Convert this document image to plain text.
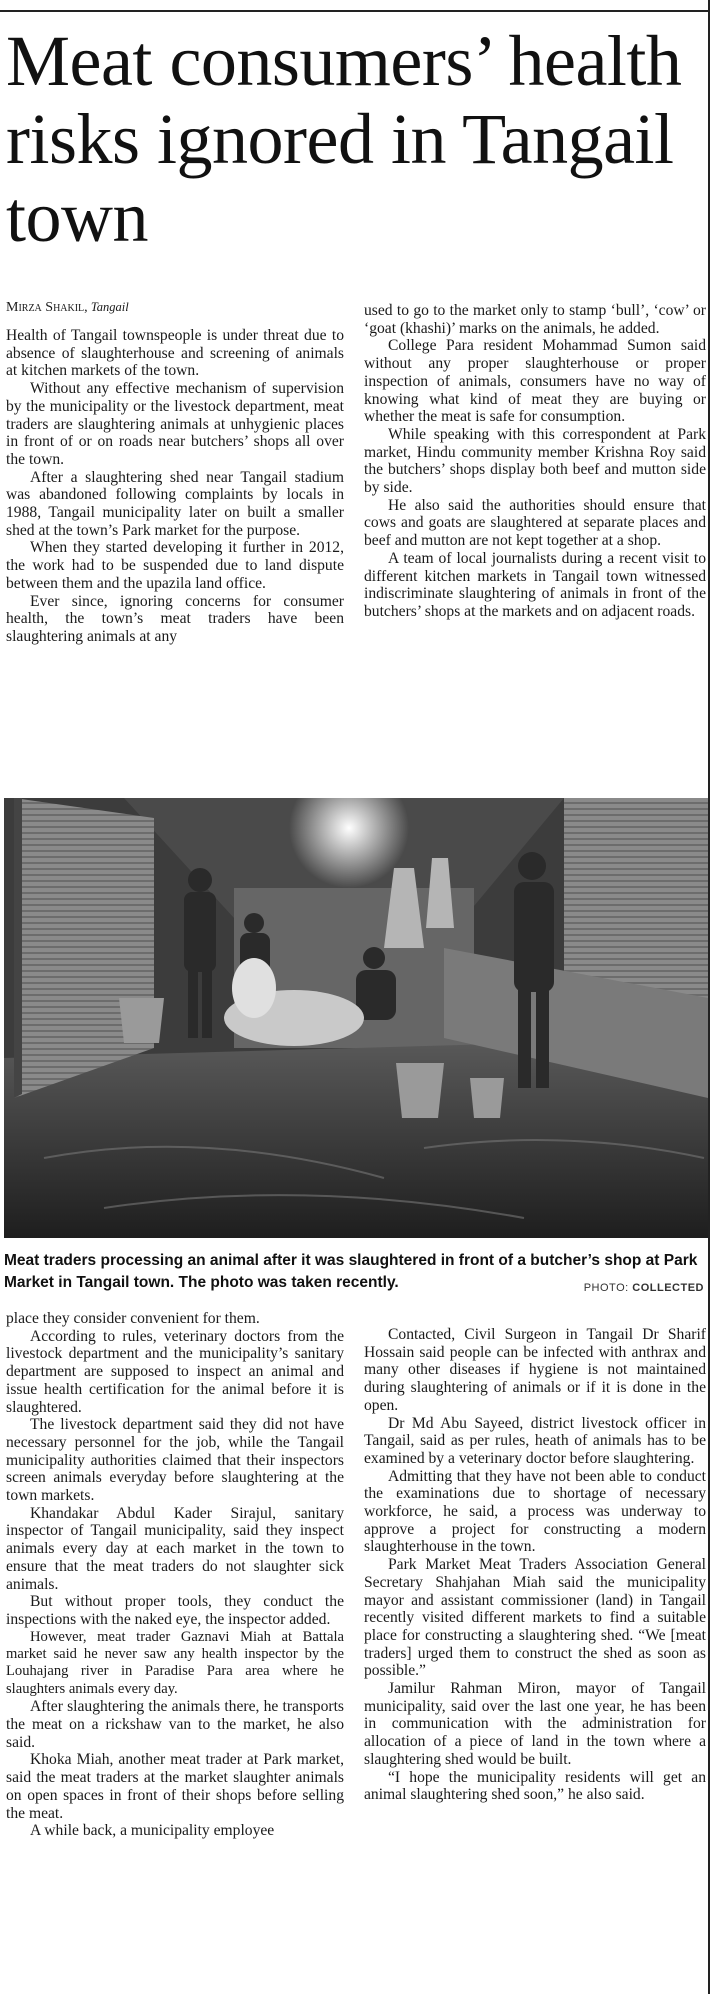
Meat consumers’ health risks ignored in Tangail town

Mirza Shakil, Tangail

Health of Tangail townspeople is under threat due to absence of slaughterhouse and screening of animals at kitchen markets of the town.

Without any effective mechanism of supervision by the municipality or the livestock department, meat traders are slaughtering animals at unhygienic places in front of or on roads near butchers’ shops all over the town.

After a slaughtering shed near Tangail stadium was abandoned following complaints by locals in 1988, Tangail municipality later on built a smaller shed at the town’s Park market for the purpose.

When they started developing it further in 2012, the work had to be suspended due to land dispute between them and the upazila land office.

Ever since, ignoring concerns for consumer health, the town’s meat traders have been slaughtering animals at any

used to go to the market only to stamp ‘bull’, ‘cow’ or ‘goat (khashi)’ marks on the animals, he added.

College Para resident Mohammad Sumon said without any proper slaughterhouse or proper inspection of animals, consumers have no way of knowing what kind of meat they are buying or whether the meat is safe for consumption.

While speaking with this correspondent at Park market, Hindu community member Krishna Roy said the butchers’ shops display both beef and mutton side by side.

He also said the authorities should ensure that cows and goats are slaughtered at separate places and beef and mutton are not kept together at a shop.

A team of local journalists during a recent visit to different kitchen markets in Tangail town witnessed indiscriminate slaughtering of animals in front of the butchers’ shops at the markets and on adjacent roads.

Meat traders processing an animal after it was slaughtered in front of a butcher’s shop at Park Market in Tangail town. The photo was taken recently.	PHOTO: COLLECTED

place they consider convenient for them.

According to rules, veterinary doctors from the livestock department and the municipality’s sanitary department are supposed to inspect an animal and issue health certification for the animal before it is slaughtered.

The livestock department said they did not have necessary personnel for the job, while the Tangail municipality authorities claimed that their inspectors screen animals everyday before slaughtering at the town markets.

Khandakar Abdul Kader Sirajul, sanitary inspector of Tangail municipality, said they inspect animals every day at each market in the town to ensure that the meat traders do not slaughter sick animals.

But without proper tools, they conduct the inspections with the naked eye, the inspector added.

However, meat trader Gaznavi Miah at Battala market said he never saw any health inspector by the Louhajang river in Paradise Para area where he slaughters animals every day.

After slaughtering the animals there, he transports the meat on a rickshaw van to the market, he also said.

Khoka Miah, another meat trader at Park market, said the meat traders at the market slaughter animals on open spaces in front of their shops before selling the meat.

A while back, a municipality employee

Contacted, Civil Surgeon in Tangail Dr Sharif Hossain said people can be infected with anthrax and many other diseases if hygiene is not maintained during slaughtering of animals or if it is done in the open.

Dr Md Abu Sayeed, district livestock officer in Tangail, said as per rules, heath of animals has to be examined by a veterinary doctor before slaughtering.

Admitting that they have not been able to conduct the examinations due to shortage of necessary workforce, he said, a process was underway to approve a project for constructing a modern slaughterhouse in the town.

Park Market Meat Traders Association General Secretary Shahjahan Miah said the municipality mayor and assistant commissioner (land) in Tangail recently visited different markets to find a suitable place for constructing a slaughtering shed. “We [meat traders] urged them to construct the shed as soon as possible.”

Jamilur Rahman Miron, mayor of Tangail municipality, said over the last one year, he has been in communication with the administration for allocation of a piece of land in the town where a slaughtering shed would be built.

“I hope the municipality residents will get an animal slaughtering shed soon,” he also said.
